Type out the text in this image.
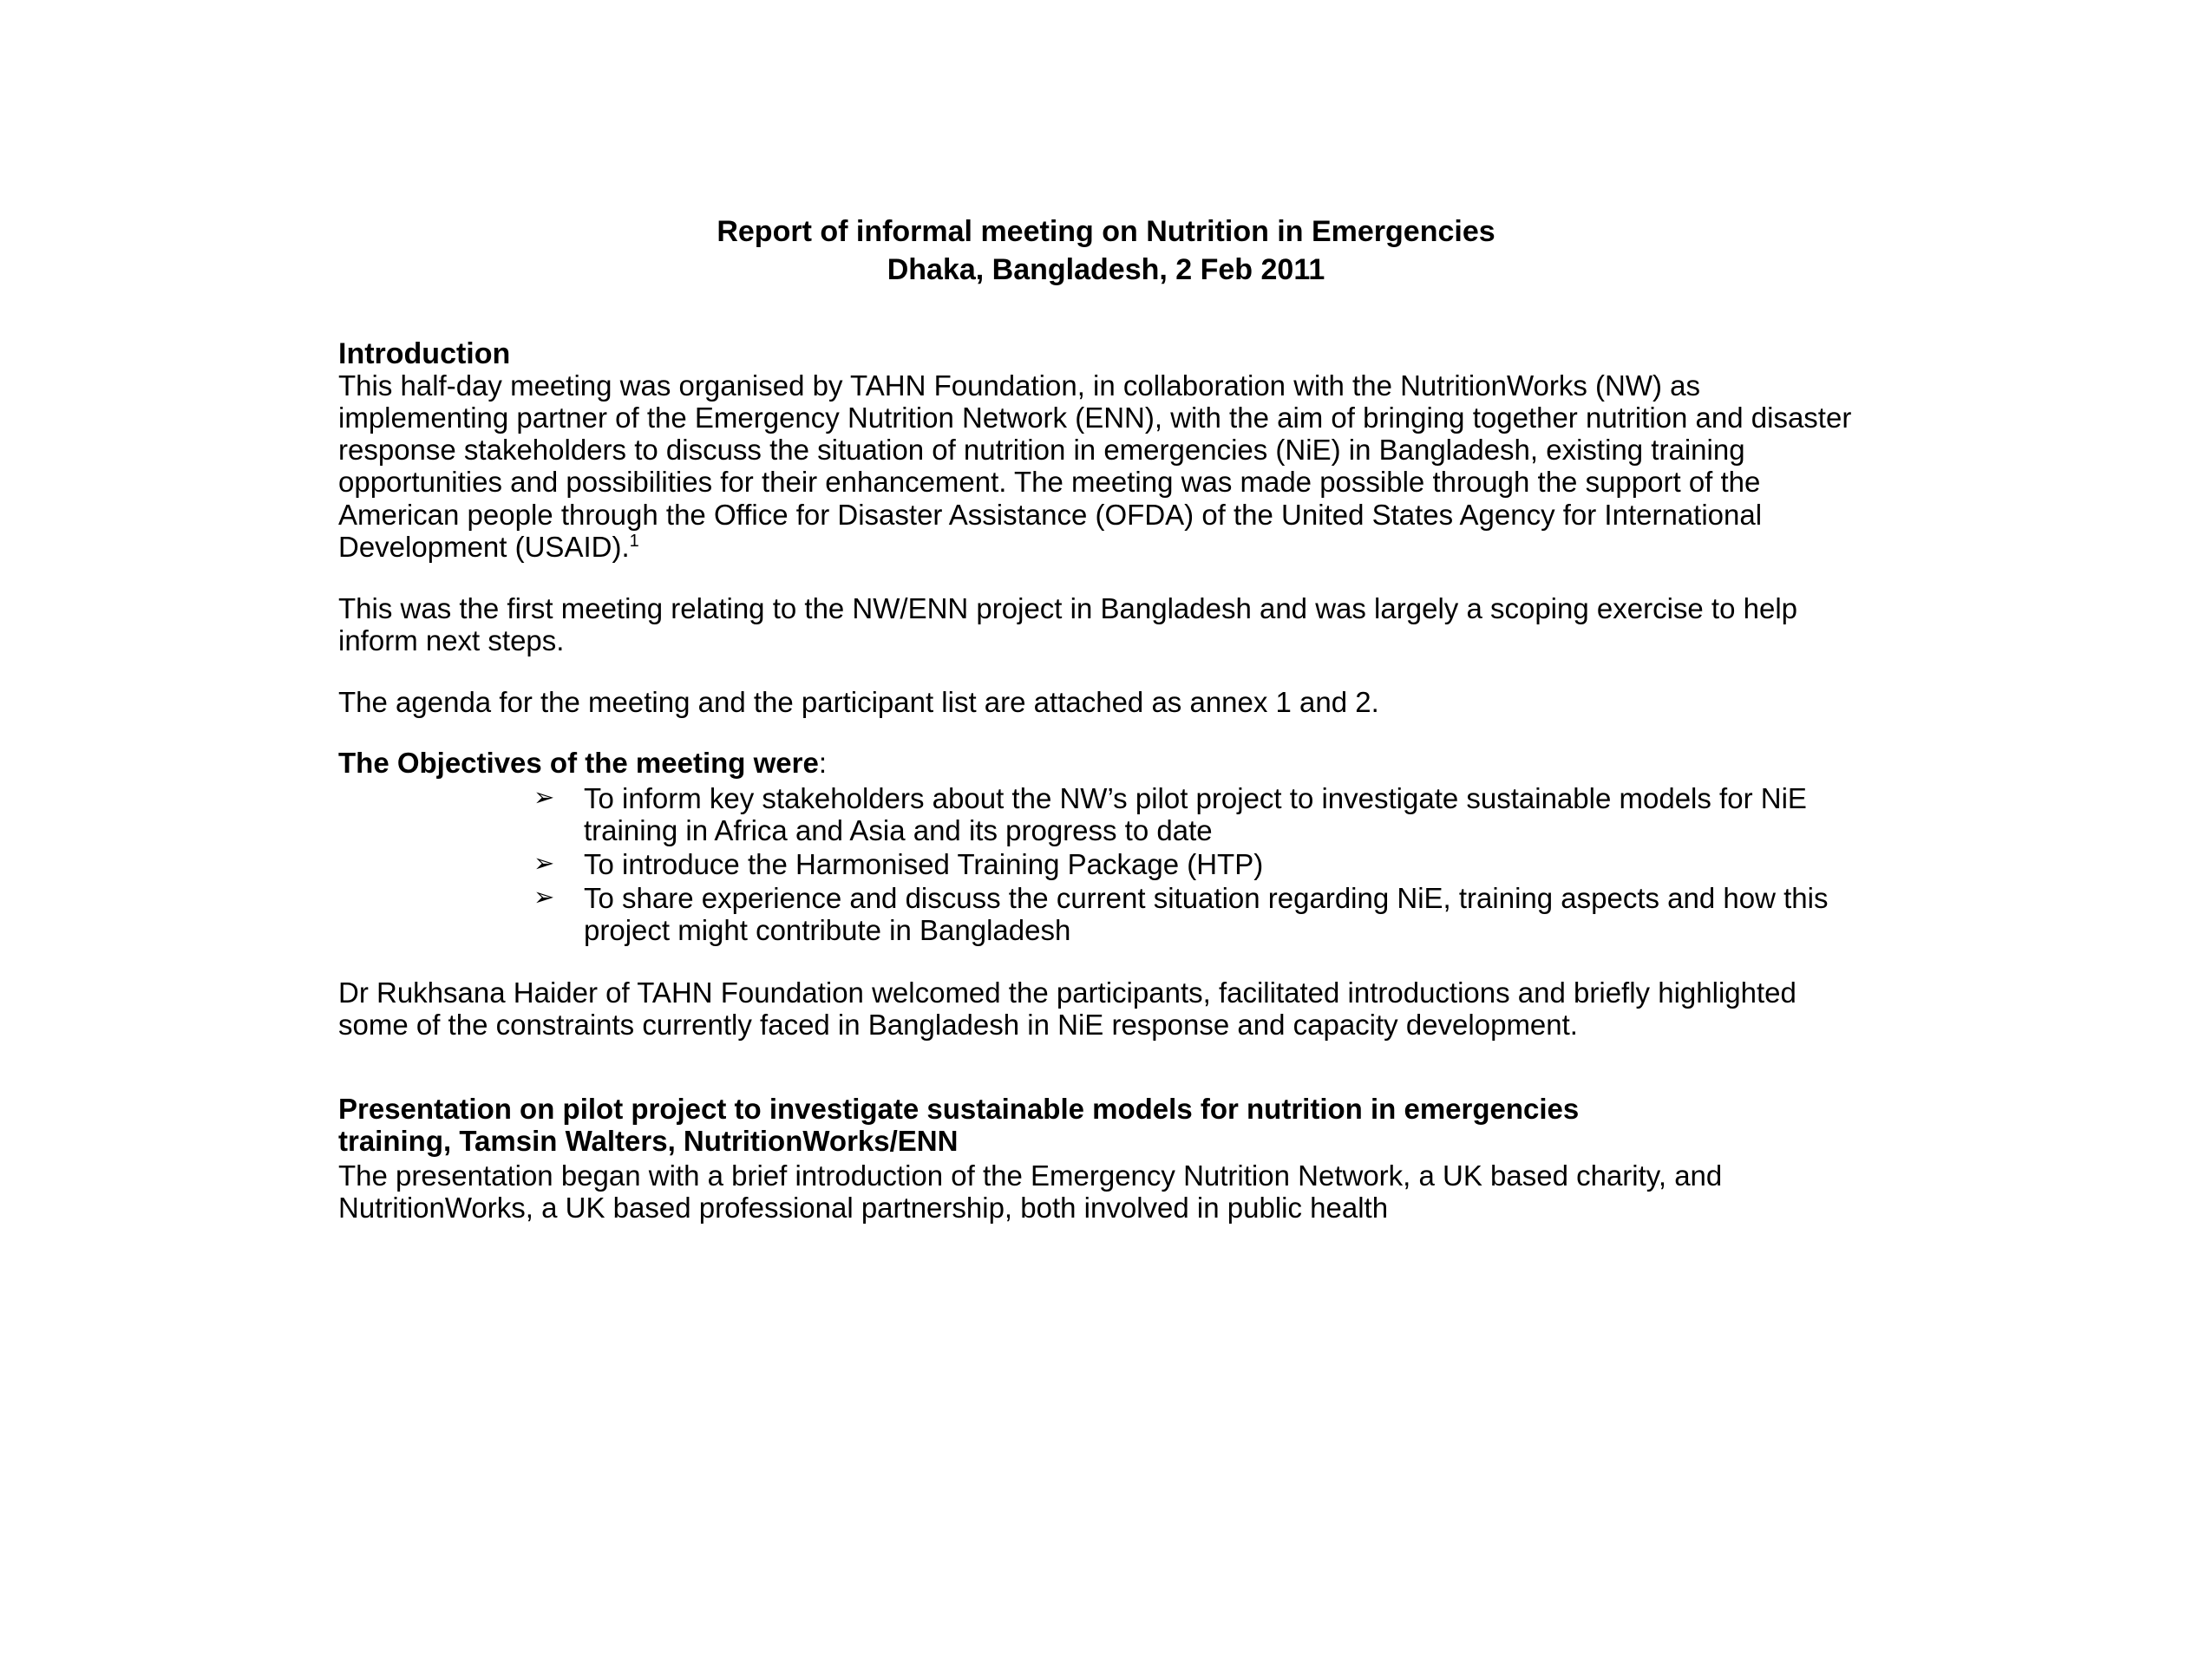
Report of informal meeting on Nutrition in Emergencies
Dhaka, Bangladesh, 2 Feb 2011
Introduction

This half-day meeting was organised by TAHN Foundation, in collaboration with the NutritionWorks (NW) as implementing partner of the Emergency Nutrition Network (ENN), with the aim of bringing together nutrition and disaster response stakeholders to discuss the situation of nutrition in emergencies (NiE) in Bangladesh, existing training opportunities and possibilities for their enhancement. The meeting was made possible through the support of the American people through the Office for Disaster Assistance (OFDA) of the United States Agency for International Development (USAID).$^1$

This was the first meeting relating to the NW/ENN project in Bangladesh and was largely a scoping exercise to help inform next steps.

The agenda for the meeting and the participant list are attached as annex 1 and 2.

The Objectives of the meeting were:

➢ To inform key stakeholders about the NW’s pilot project to investigate sustainable models for NiE training in Africa and Asia and its progress to date
➢ To introduce the Harmonised Training Package (HTP)
➢ To share experience and discuss the current situation regarding NiE, training aspects and how this project might contribute in Bangladesh

Dr Rukhsana Haider of TAHN Foundation welcomed the participants, facilitated introductions and briefly highlighted some of the constraints currently faced in Bangladesh in NiE response and capacity development.

Presentation on pilot project to investigate sustainable models for nutrition in emergencies
training, Tamsin Walters, NutritionWorks/ENN

The presentation began with a brief introduction of the Emergency Nutrition Network, a UK based charity, and NutritionWorks, a UK based professional partnership, both involved in public health
